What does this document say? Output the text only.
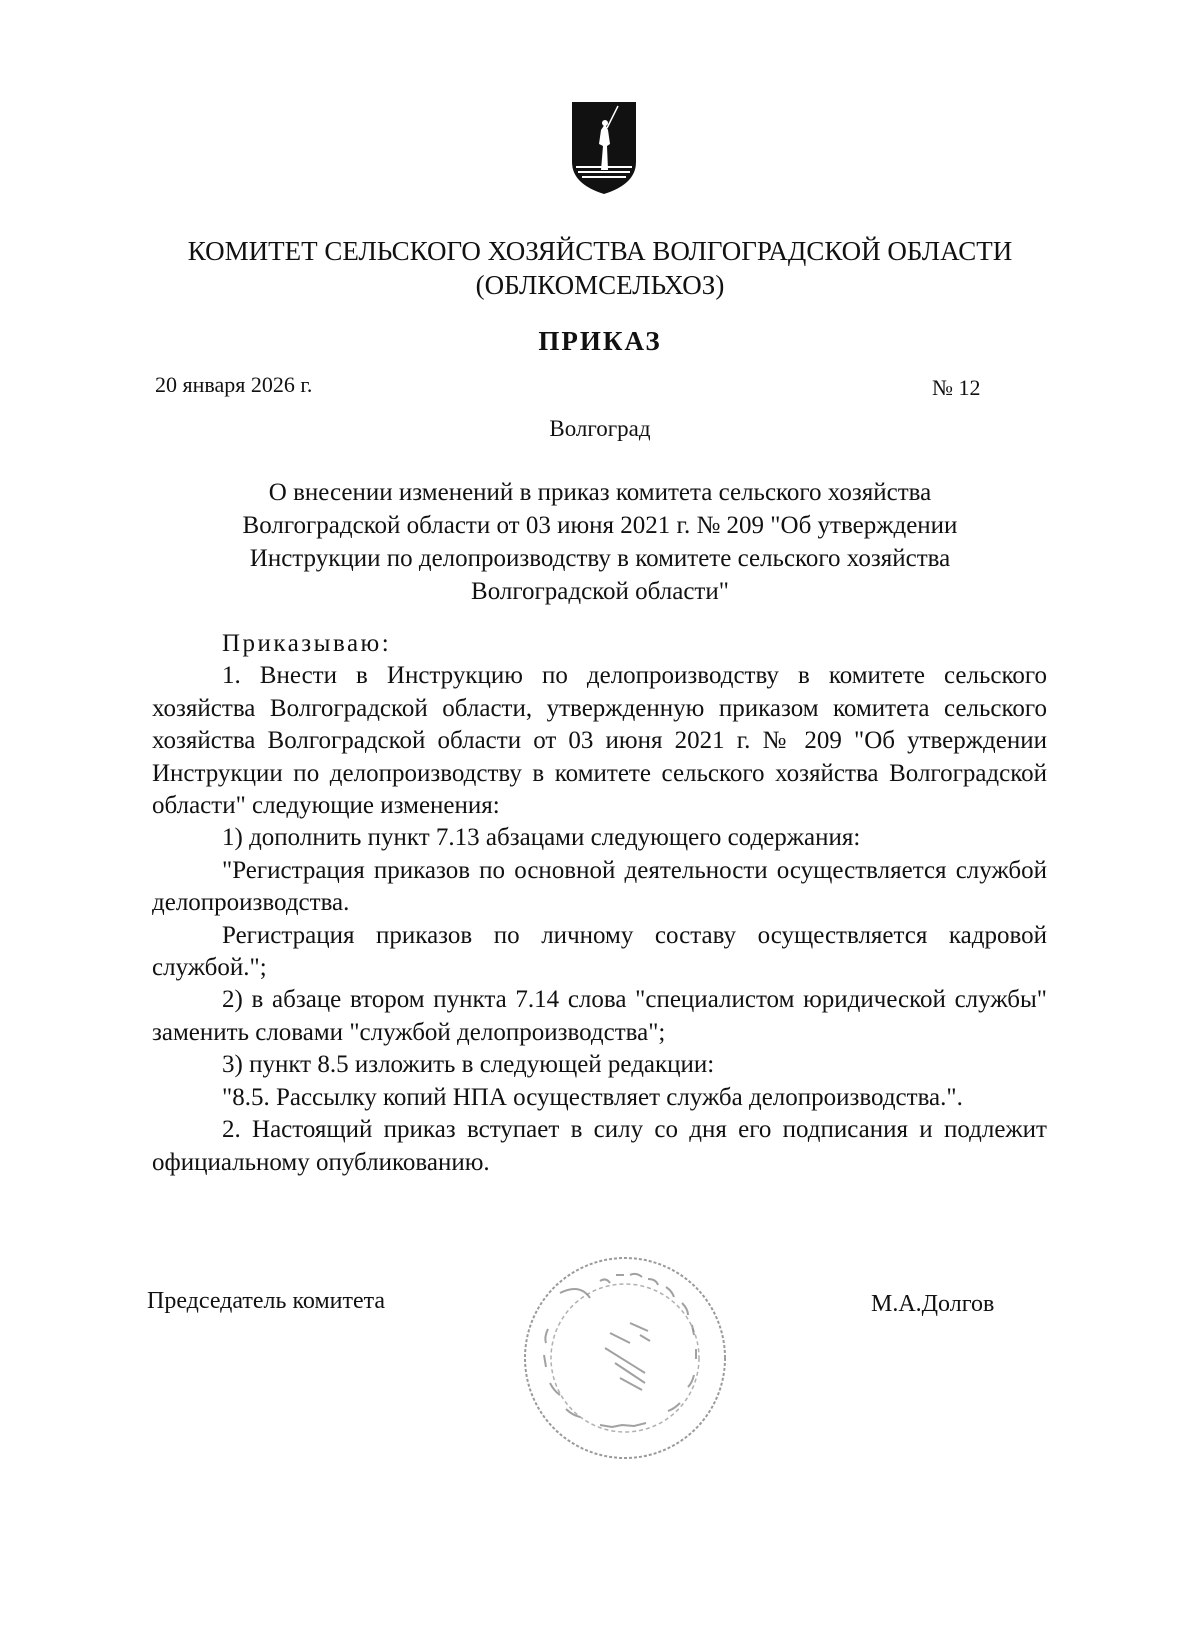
КОМИТЕТ СЕЛЬСКОГО ХОЗЯЙСТВА ВОЛГОГРАДСКОЙ ОБЛАСТИ
(ОБЛКОМСЕЛЬХОЗ)
ПРИКАЗ
20 января 2026 г.	№ 12
Волгоград
О внесении изменений в приказ комитета сельского хозяйства
Волгоградской области от 03 июня 2021 г. № 209 "Об утверждении
Инструкции по делопроизводству в комитете сельского хозяйства
Волгоградской области"

Приказываю:

1. Внести в Инструкцию по делопроизводству в комитете сельского хозяйства Волгоградской области, утвержденную приказом комитета сельского хозяйства Волгоградской области от 03 июня 2021 г. № 209 "Об утверждении Инструкции по делопроизводству в комитете сельского хозяйства Волгоградской области" следующие изменения:

1) дополнить пункт 7.13 абзацами следующего содержания:

"Регистрация приказов по основной деятельности осуществляется службой делопроизводства.

Регистрация приказов по личному составу осуществляется кадровой службой.";

2) в абзаце втором пункта 7.14 слова "специалистом юридической службы" заменить словами "службой делопроизводства";

3) пункт 8.5 изложить в следующей редакции:

"8.5. Рассылку копий НПА осуществляет служба делопроизводства.".

2. Настоящий приказ вступает в силу со дня его подписания и подлежит официальному опубликованию.

Председатель комитета	М.А.Долгов
